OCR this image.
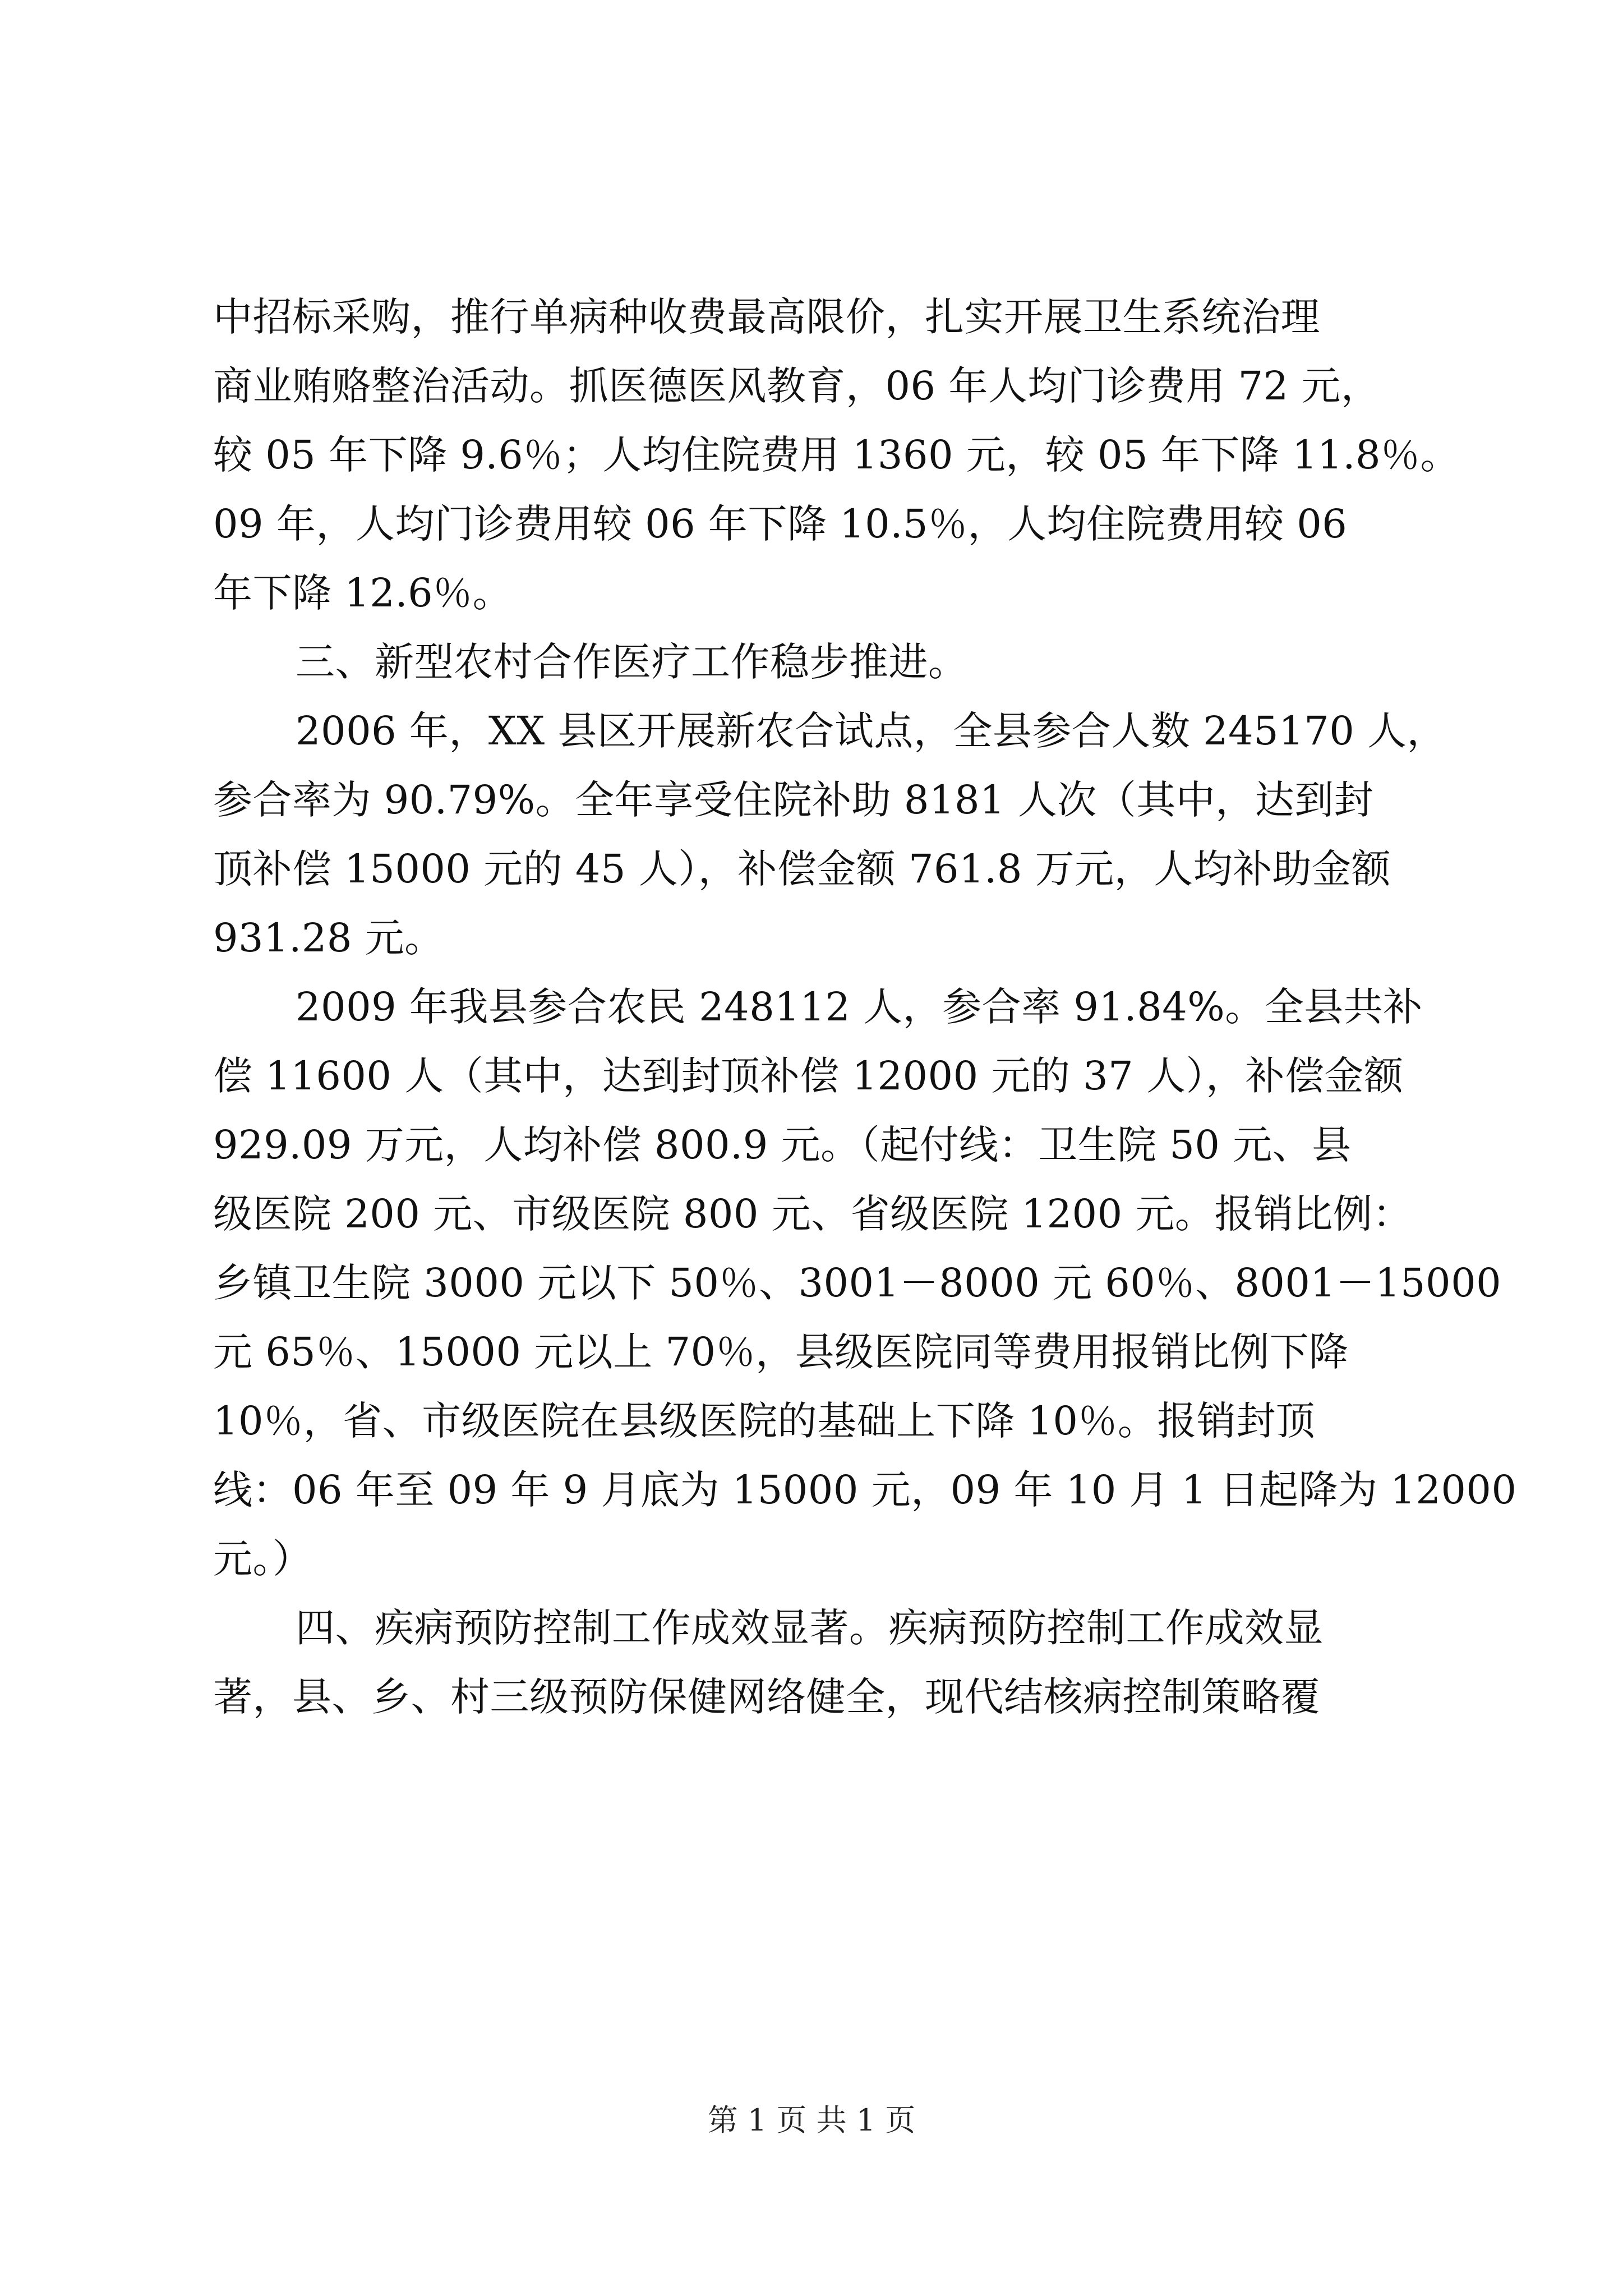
中招标采购，推行单病种收费最高限价，扎实开展卫生系统治理
商业贿赂整治活动。抓医德医风教育，06 年人均门诊费用 72 元，
较 05 年下降 9.6％；人均住院费用 1360 元，较 05 年下降 11.8％。
09 年，人均门诊费用较 06 年下降 10.5％，人均住院费用较 06
年下降 12.6％。
三、新型农村合作医疗工作稳步推进。
2006 年，XX 县区开展新农合试点，全县参合人数 245170 人，
参合率为 90.79%。全年享受住院补助 8181 人次（其中，达到封
顶补偿 15000 元的 45 人），补偿金额 761.8 万元，人均补助金额
931.28 元。
2009 年我县参合农民 248112 人，参合率 91.84%。全县共补
偿 11600 人（其中，达到封顶补偿 12000 元的 37 人），补偿金额
929.09 万元，人均补偿 800.9 元。（起付线：卫生院 50 元、县
级医院 200 元、市级医院 800 元、省级医院 1200 元。报销比例：
乡镇卫生院 3000 元以下 50％、3001－8000 元 60％、8001－15000
元 65％、15000 元以上 70％，县级医院同等费用报销比例下降
10％，省、市级医院在县级医院的基础上下降 10％。报销封顶
线：06 年至 09 年 9 月底为 15000 元，09 年 10 月 1 日起降为 12000
元。）
四、疾病预防控制工作成效显著。疾病预防控制工作成效显
著，县、乡、村三级预防保健网络健全，现代结核病控制策略覆
第 1 页 共 1 页
